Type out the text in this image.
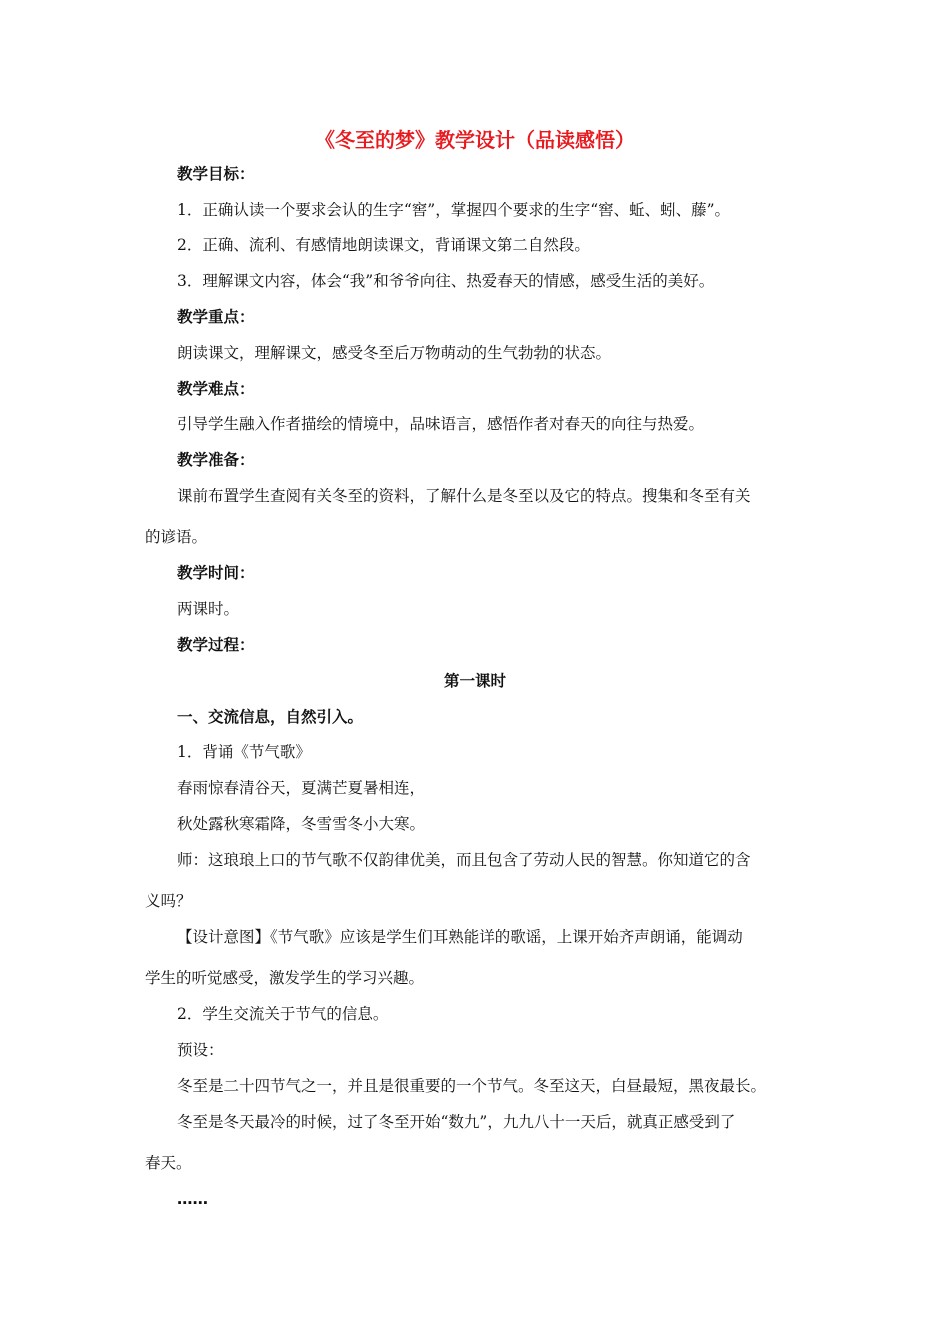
《冬至的梦》教学设计（品读感悟）
教学目标：
1．正确认读一个要求会认的生字“窖”，掌握四个要求的生字“窖、蚯、蚓、藤”。
2．正确、流利、有感情地朗读课文，背诵课文第二自然段。
3．理解课文内容，体会“我”和爷爷向往、热爱春天的情感，感受生活的美好。
教学重点：
朗读课文，理解课文，感受冬至后万物萌动的生气勃勃的状态。
教学难点：
引导学生融入作者描绘的情境中，品味语言，感悟作者对春天的向往与热爱。
教学准备：
课前布置学生查阅有关冬至的资料，了解什么是冬至以及它的特点。搜集和冬至有关
的谚语。
教学时间：
两课时。
教学过程：
第一课时
一、交流信息，自然引入。
1．背诵《节气歌》
春雨惊春清谷天，夏满芒夏暑相连，
秋处露秋寒霜降，冬雪雪冬小大寒。
师：这琅琅上口的节气歌不仅韵律优美，而且包含了劳动人民的智慧。你知道它的含
义吗？
【设计意图】《节气歌》应该是学生们耳熟能详的歌谣，上课开始齐声朗诵，能调动
学生的听觉感受，激发学生的学习兴趣。
2．学生交流关于节气的信息。
预设：
冬至是二十四节气之一，并且是很重要的一个节气。冬至这天，白昼最短，黑夜最长。
冬至是冬天最冷的时候，过了冬至开始“数九”，九九八十一天后，就真正感受到了
春天。
……
